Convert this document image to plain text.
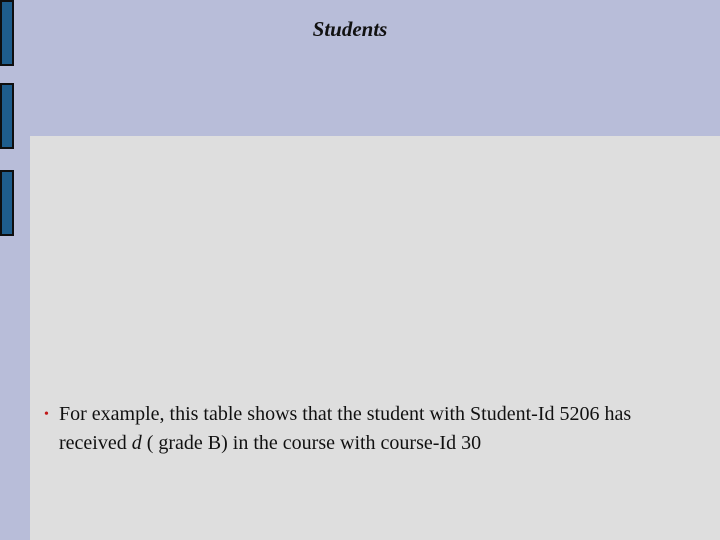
Students
• For example, this table shows that the student with Student-Id 5206 has received d ( grade B) in the course with course-Id 30
